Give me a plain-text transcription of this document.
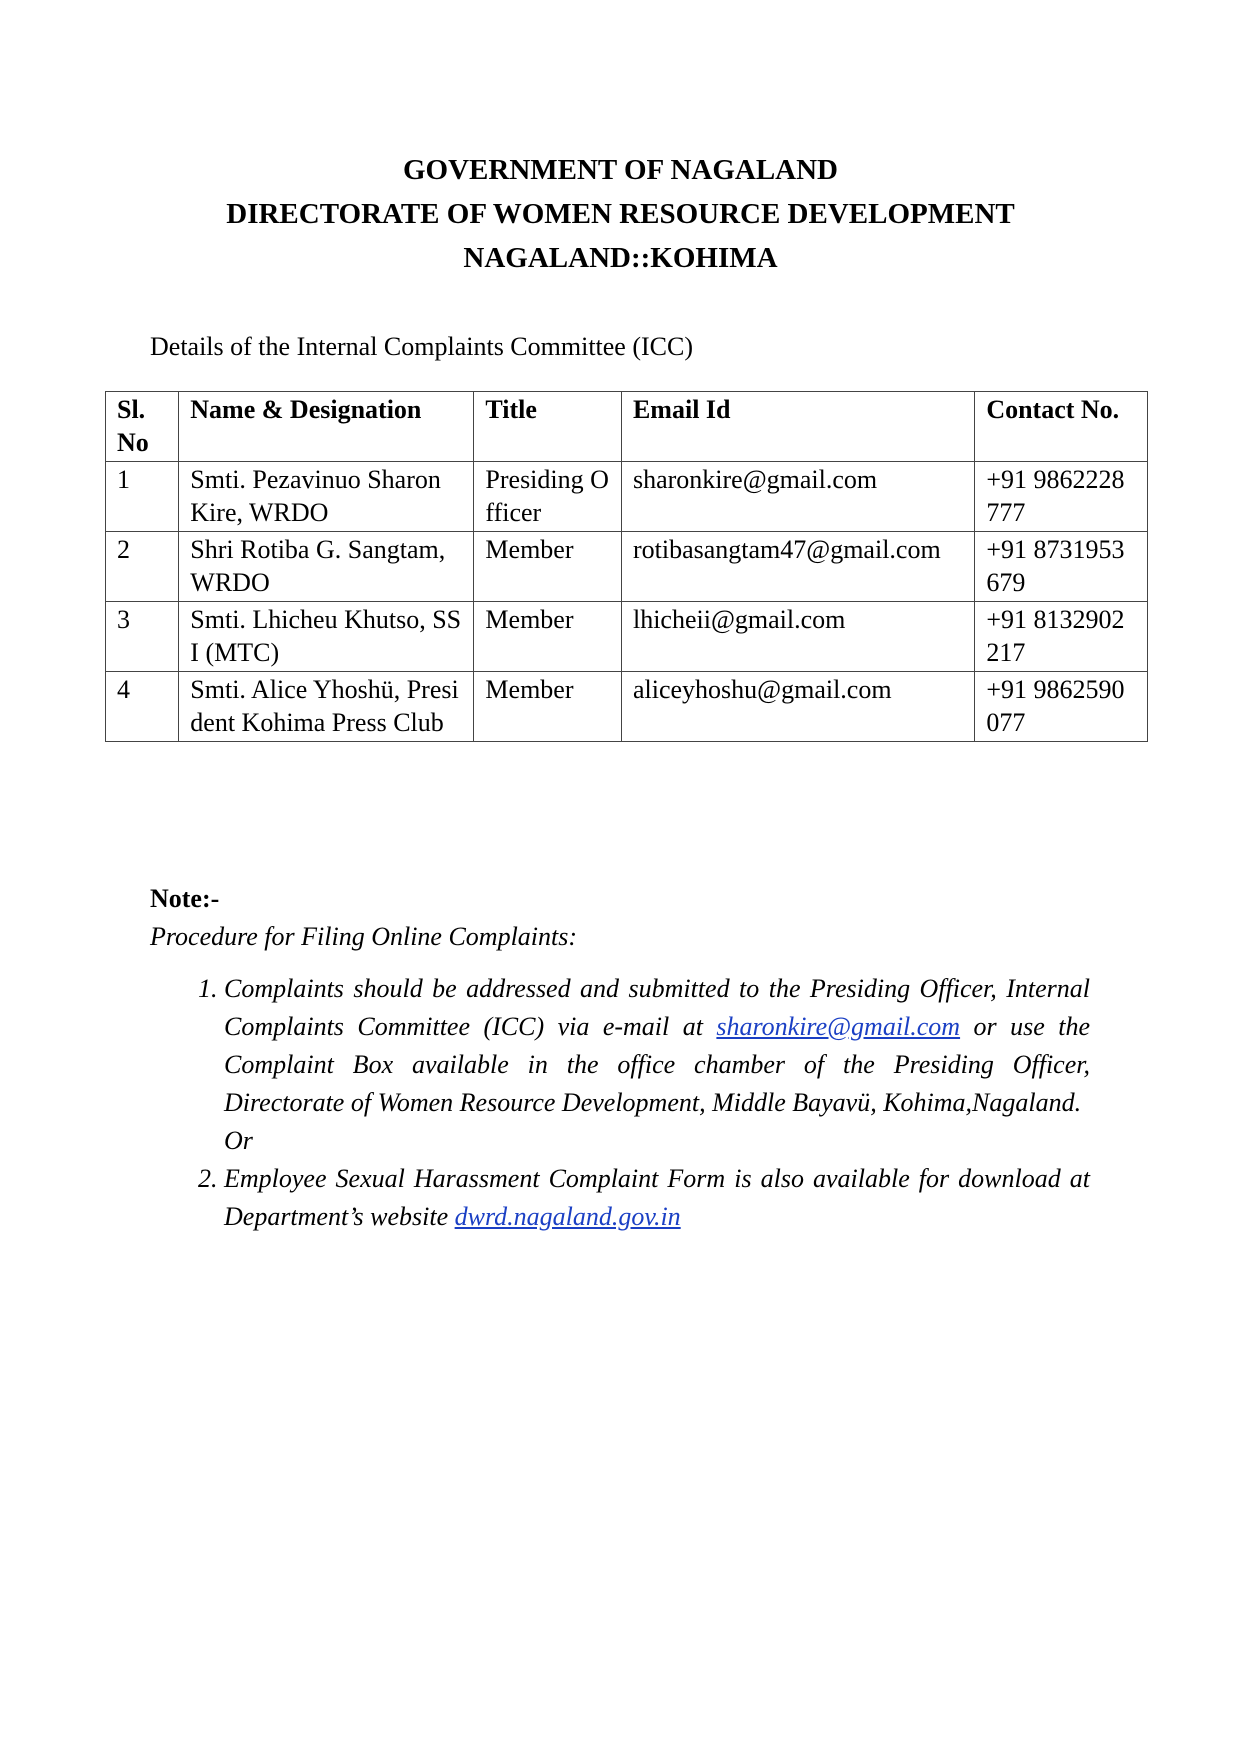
GOVERNMENT OF NAGALAND
DIRECTORATE OF WOMEN RESOURCE DEVELOPMENT
NAGALAND::KOHIMA
Details of the Internal Complaints Committee (ICC)
Sl. No	Name & Designation	Title	Email Id	Contact No.
1	Smti. Pezavinuo Sharon Kire, WRDO	Presiding Officer	sharonkire@gmail.com	+91 9862228777
2	Shri Rotiba G. Sangtam, WRDO	Member	rotibasangtam47@gmail.com	+91 8731953679
3	Smti. Lhicheu Khutso, SSI (MTC)	Member	lhicheii@gmail.com	+91 8132902217
4	Smti. Alice Yhoshü, President Kohima Press Club	Member	aliceyhoshu@gmail.com	+91 9862590077
Note:-
Procedure for Filing Online Complaints:
1. Complaints should be addressed and submitted to the Presiding Officer, Internal Complaints Committee (ICC) via e-mail at sharonkire@gmail.com or use the Complaint Box available in the office chamber of the Presiding Officer, Directorate of Women Resource Development, Middle Bayavü, Kohima,Nagaland.
Or
2. Employee Sexual Harassment Complaint Form is also available for download at Department’s website dwrd.nagaland.gov.in
